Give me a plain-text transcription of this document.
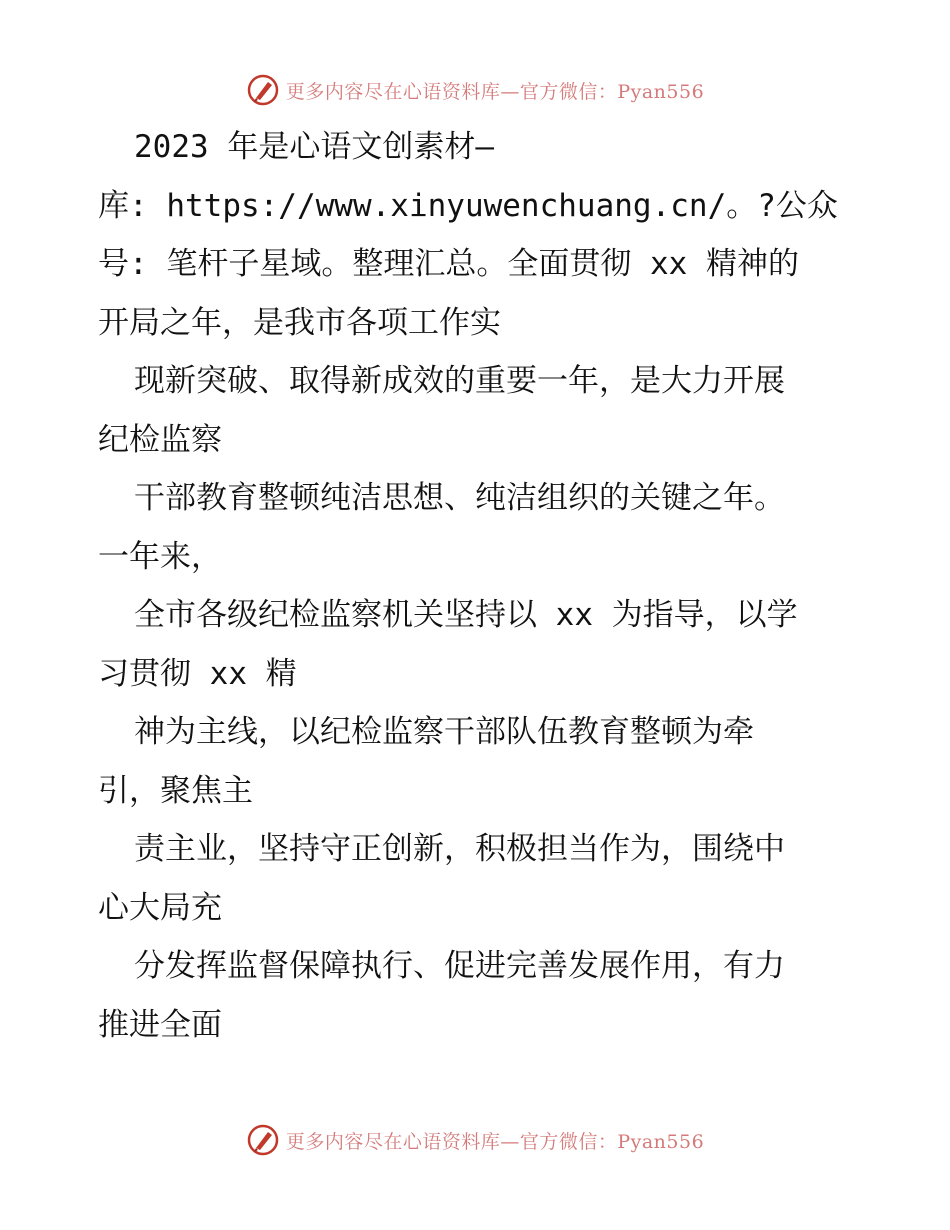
更多内容尽在心语资料库—官方微信：Pyan556
2023 年是心语文创素材—
库: https://www.xinyuwenchuang.cn/。?公众
号: 笔杆子星域。整理汇总。全面贯彻 xx 精神的
开局之年，是我市各项工作实
现新突破、取得新成效的重要一年，是大力开展
纪检监察
干部教育整顿纯洁思想、纯洁组织的关键之年。
一年来，
全市各级纪检监察机关坚持以 xx 为指导，以学
习贯彻 xx 精
神为主线，以纪检监察干部队伍教育整顿为牵
引，聚焦主
责主业，坚持守正创新，积极担当作为，围绕中
心大局充
分发挥监督保障执行、促进完善发展作用，有力
推进全面
更多内容尽在心语资料库—官方微信：Pyan556
